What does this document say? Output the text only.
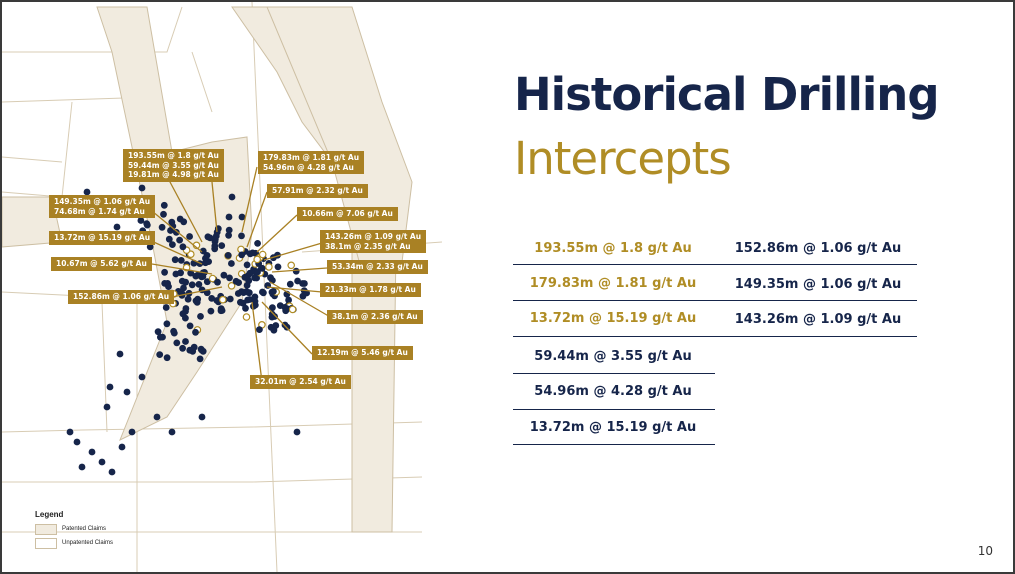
193.55m @ 1.8 g/t Au
59.44m @ 3.55 g/t Au
19.81m @ 4.98 g/t Au
179.83m @ 1.81 g/t Au
54.96m @ 4.28 g/t Au
57.91m @ 2.32 g/t Au
10.66m @ 7.06 g/t Au
149.35m @ 1.06 g/t Au
74.68m @ 1.74 g/t Au
13.72m @ 15.19 g/t Au	143.26m @ 1.09 g/t Au
38.1m @ 2.35 g/t Au
10.67m @ 5.62 g/t Au	53.34m @ 2.33 g/t Au
21.33m @ 1.78 g/t Au
152.86m @ 1.06 g/t Au
38.1m @ 2.36 g/t Au
12.19m @ 5.46 g/t Au
32.01m @ 2.54 g/t Au
Legend
Patented Claims
Unpatented Claims
Historical Drilling
Intercepts
193.55m @ 1.8 g/t Au
179.83m @ 1.81 g/t Au
13.72m @ 15.19 g/t Au
59.44m @ 3.55 g/t Au
54.96m @ 4.28 g/t Au
13.72m @ 15.19 g/t Au
152.86m @ 1.06 g/t Au
149.35m @ 1.06 g/t Au
143.26m @ 1.09 g/t Au
10
